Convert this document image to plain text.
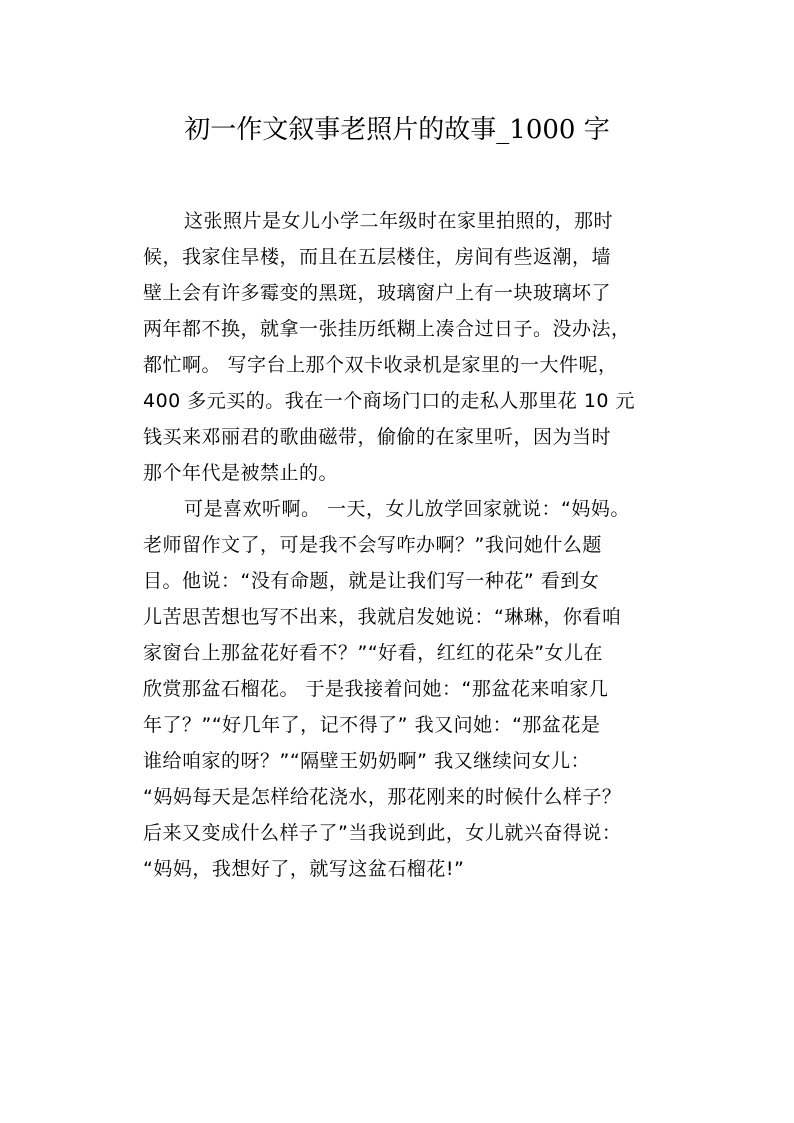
初一作文叙事老照片的故事_1000 字
这张照片是女儿小学二年级时在家里拍照的，那时
候，我家住旱楼，而且在五层楼住，房间有些返潮，墙
壁上会有许多霉变的黑斑，玻璃窗户上有一块玻璃坏了
两年都不换，就拿一张挂历纸糊上凑合过日子。没办法，
都忙啊。 写字台上那个双卡收录机是家里的一大件呢，
400 多元买的。我在一个商场门口的走私人那里花 10 元
钱买来邓丽君的歌曲磁带，偷偷的在家里听，因为当时
那个年代是被禁止的。
可是喜欢听啊。 一天，女儿放学回家就说：“妈妈。
老师留作文了，可是我不会写咋办啊？”我问她什么题
目。他说：“没有命题，就是让我们写一种花” 看到女
儿苦思苦想也写不出来，我就启发她说：“琳琳，你看咱
家窗台上那盆花好看不？”“好看，红红的花朵”女儿在
欣赏那盆石榴花。 于是我接着问她：“那盆花来咱家几
年了？”“好几年了，记不得了” 我又问她：“那盆花是
谁给咱家的呀？”“隔壁王奶奶啊” 我又继续问女儿：
“妈妈每天是怎样给花浇水，那花刚来的时候什么样子？
后来又变成什么样子了”当我说到此，女儿就兴奋得说：
“妈妈，我想好了，就写这盆石榴花!”
